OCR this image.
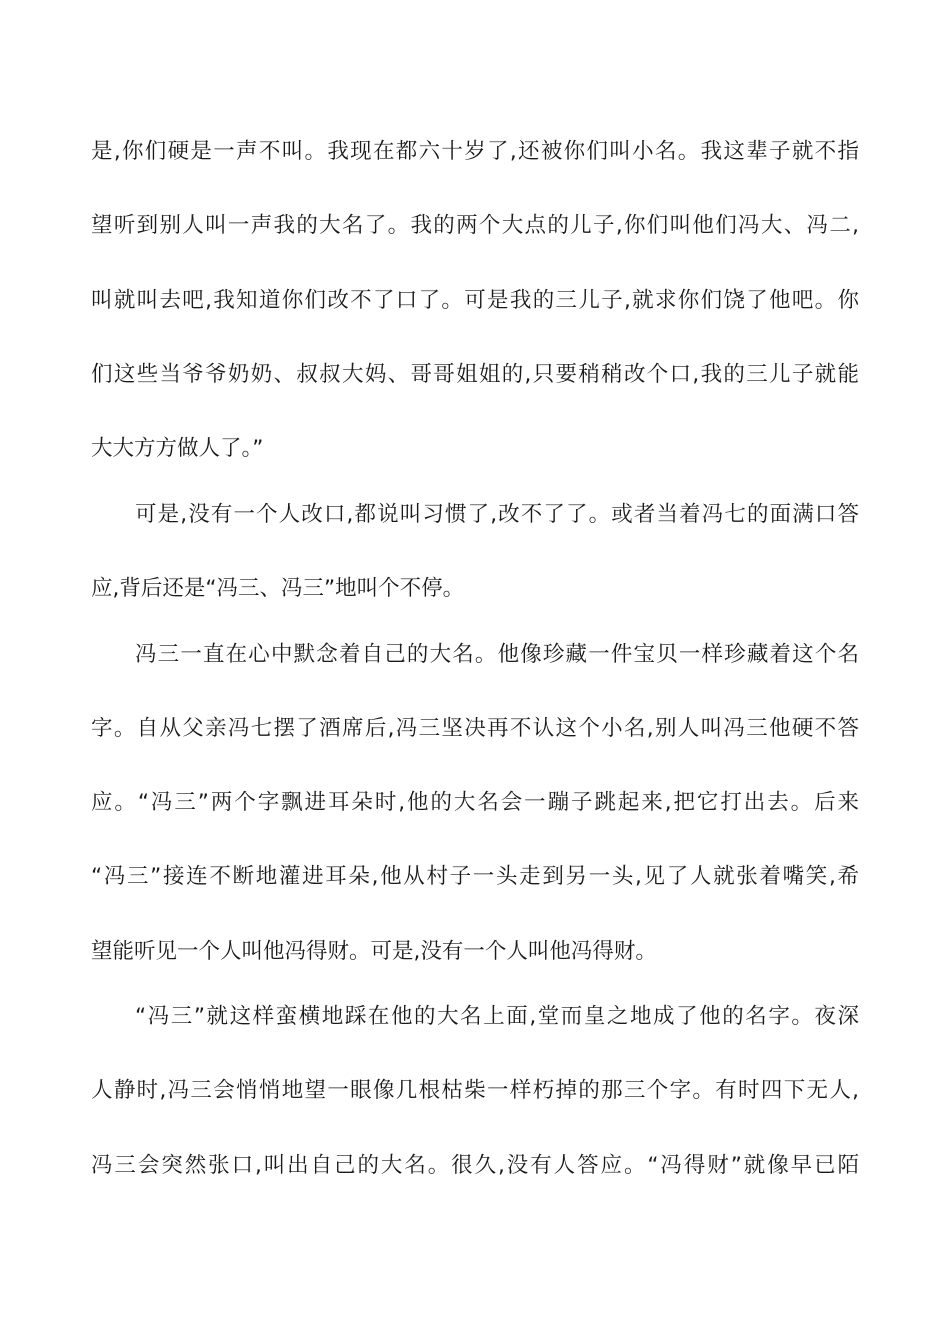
是,你们硬是一声不叫。我现在都六十岁了,还被你们叫小名。我这辈子就不指
望听到别人叫一声我的大名了。我的两个大点的儿子,你们叫他们冯大、冯二,
叫就叫去吧,我知道你们改不了口了。可是我的三儿子,就求你们饶了他吧。你
们这些当爷爷奶奶、叔叔大妈、哥哥姐姐的,只要稍稍改个口,我的三儿子就能
大大方方做人了。”
可是,没有一个人改口,都说叫习惯了,改不了了。或者当着冯七的面满口答
应,背后还是“冯三、冯三”地叫个不停。
冯三一直在心中默念着自己的大名。他像珍藏一件宝贝一样珍藏着这个名
字。自从父亲冯七摆了酒席后,冯三坚决再不认这个小名,别人叫冯三他硬不答
应。“冯三”两个字飘进耳朵时,他的大名会一蹦子跳起来,把它打出去。后来
“冯三”接连不断地灌进耳朵,他从村子一头走到另一头,见了人就张着嘴笑,希
望能听见一个人叫他冯得财。可是,没有一个人叫他冯得财。
“冯三”就这样蛮横地踩在他的大名上面,堂而皇之地成了他的名字。夜深
人静时,冯三会悄悄地望一眼像几根枯柴一样朽掉的那三个字。有时四下无人,
冯三会突然张口,叫出自己的大名。很久,没有人答应。“冯得财”就像早已陌
